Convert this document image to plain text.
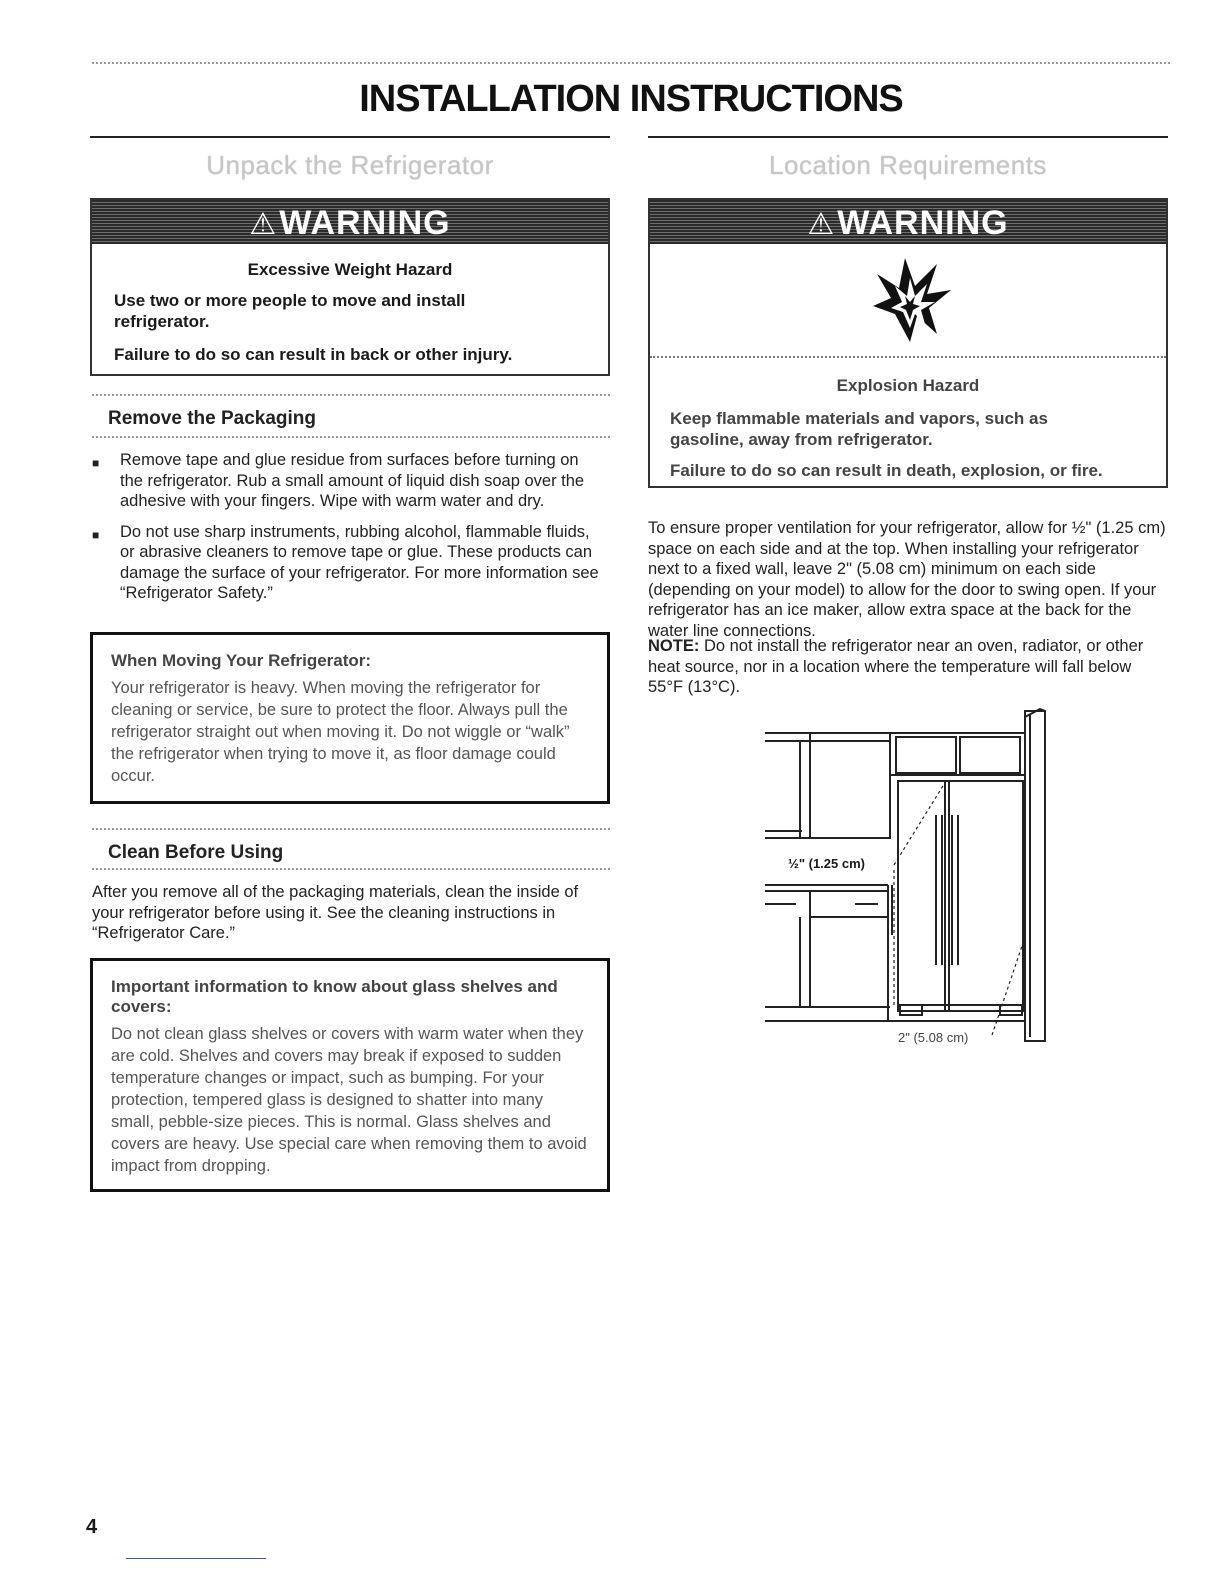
INSTALLATION INSTRUCTIONS
Unpack the Refrigerator
⚠WARNING
Excessive Weight Hazard
Use two or more people to move and install refrigerator.
Failure to do so can result in back or other injury.
Remove the Packaging
■	Remove tape and glue residue from surfaces before turning on the refrigerator. Rub a small amount of liquid dish soap over the adhesive with your fingers. Wipe with warm water and dry.
■	Do not use sharp instruments, rubbing alcohol, flammable fluids, or abrasive cleaners to remove tape or glue. These products can damage the surface of your refrigerator. For more information see “Refrigerator Safety.”
When Moving Your Refrigerator:
Your refrigerator is heavy. When moving the refrigerator for cleaning or service, be sure to protect the floor. Always pull the refrigerator straight out when moving it. Do not wiggle or “walk” the refrigerator when trying to move it, as floor damage could occur.
Clean Before Using
After you remove all of the packaging materials, clean the inside of your refrigerator before using it. See the cleaning instructions in “Refrigerator Care.”
Important information to know about glass shelves and covers:
Do not clean glass shelves or covers with warm water when they are cold. Shelves and covers may break if exposed to sudden temperature changes or impact, such as bumping. For your protection, tempered glass is designed to shatter into many small, pebble-size pieces. This is normal. Glass shelves and covers are heavy. Use special care when removing them to avoid impact from dropping.
Location Requirements
⚠WARNING
Explosion Hazard
Keep flammable materials and vapors, such as gasoline, away from refrigerator.
Failure to do so can result in death, explosion, or fire.
To ensure proper ventilation for your refrigerator, allow for ½" (1.25 cm) space on each side and at the top. When installing your refrigerator next to a fixed wall, leave 2" (5.08 cm) minimum on each side (depending on your model) to allow for the door to swing open. If your refrigerator has an ice maker, allow extra space at the back for the water line connections.
NOTE: Do not install the refrigerator near an oven, radiator, or other heat source, nor in a location where the temperature will fall below 55°F (13°C).
½" (1.25 cm)
2" (5.08 cm)
4
